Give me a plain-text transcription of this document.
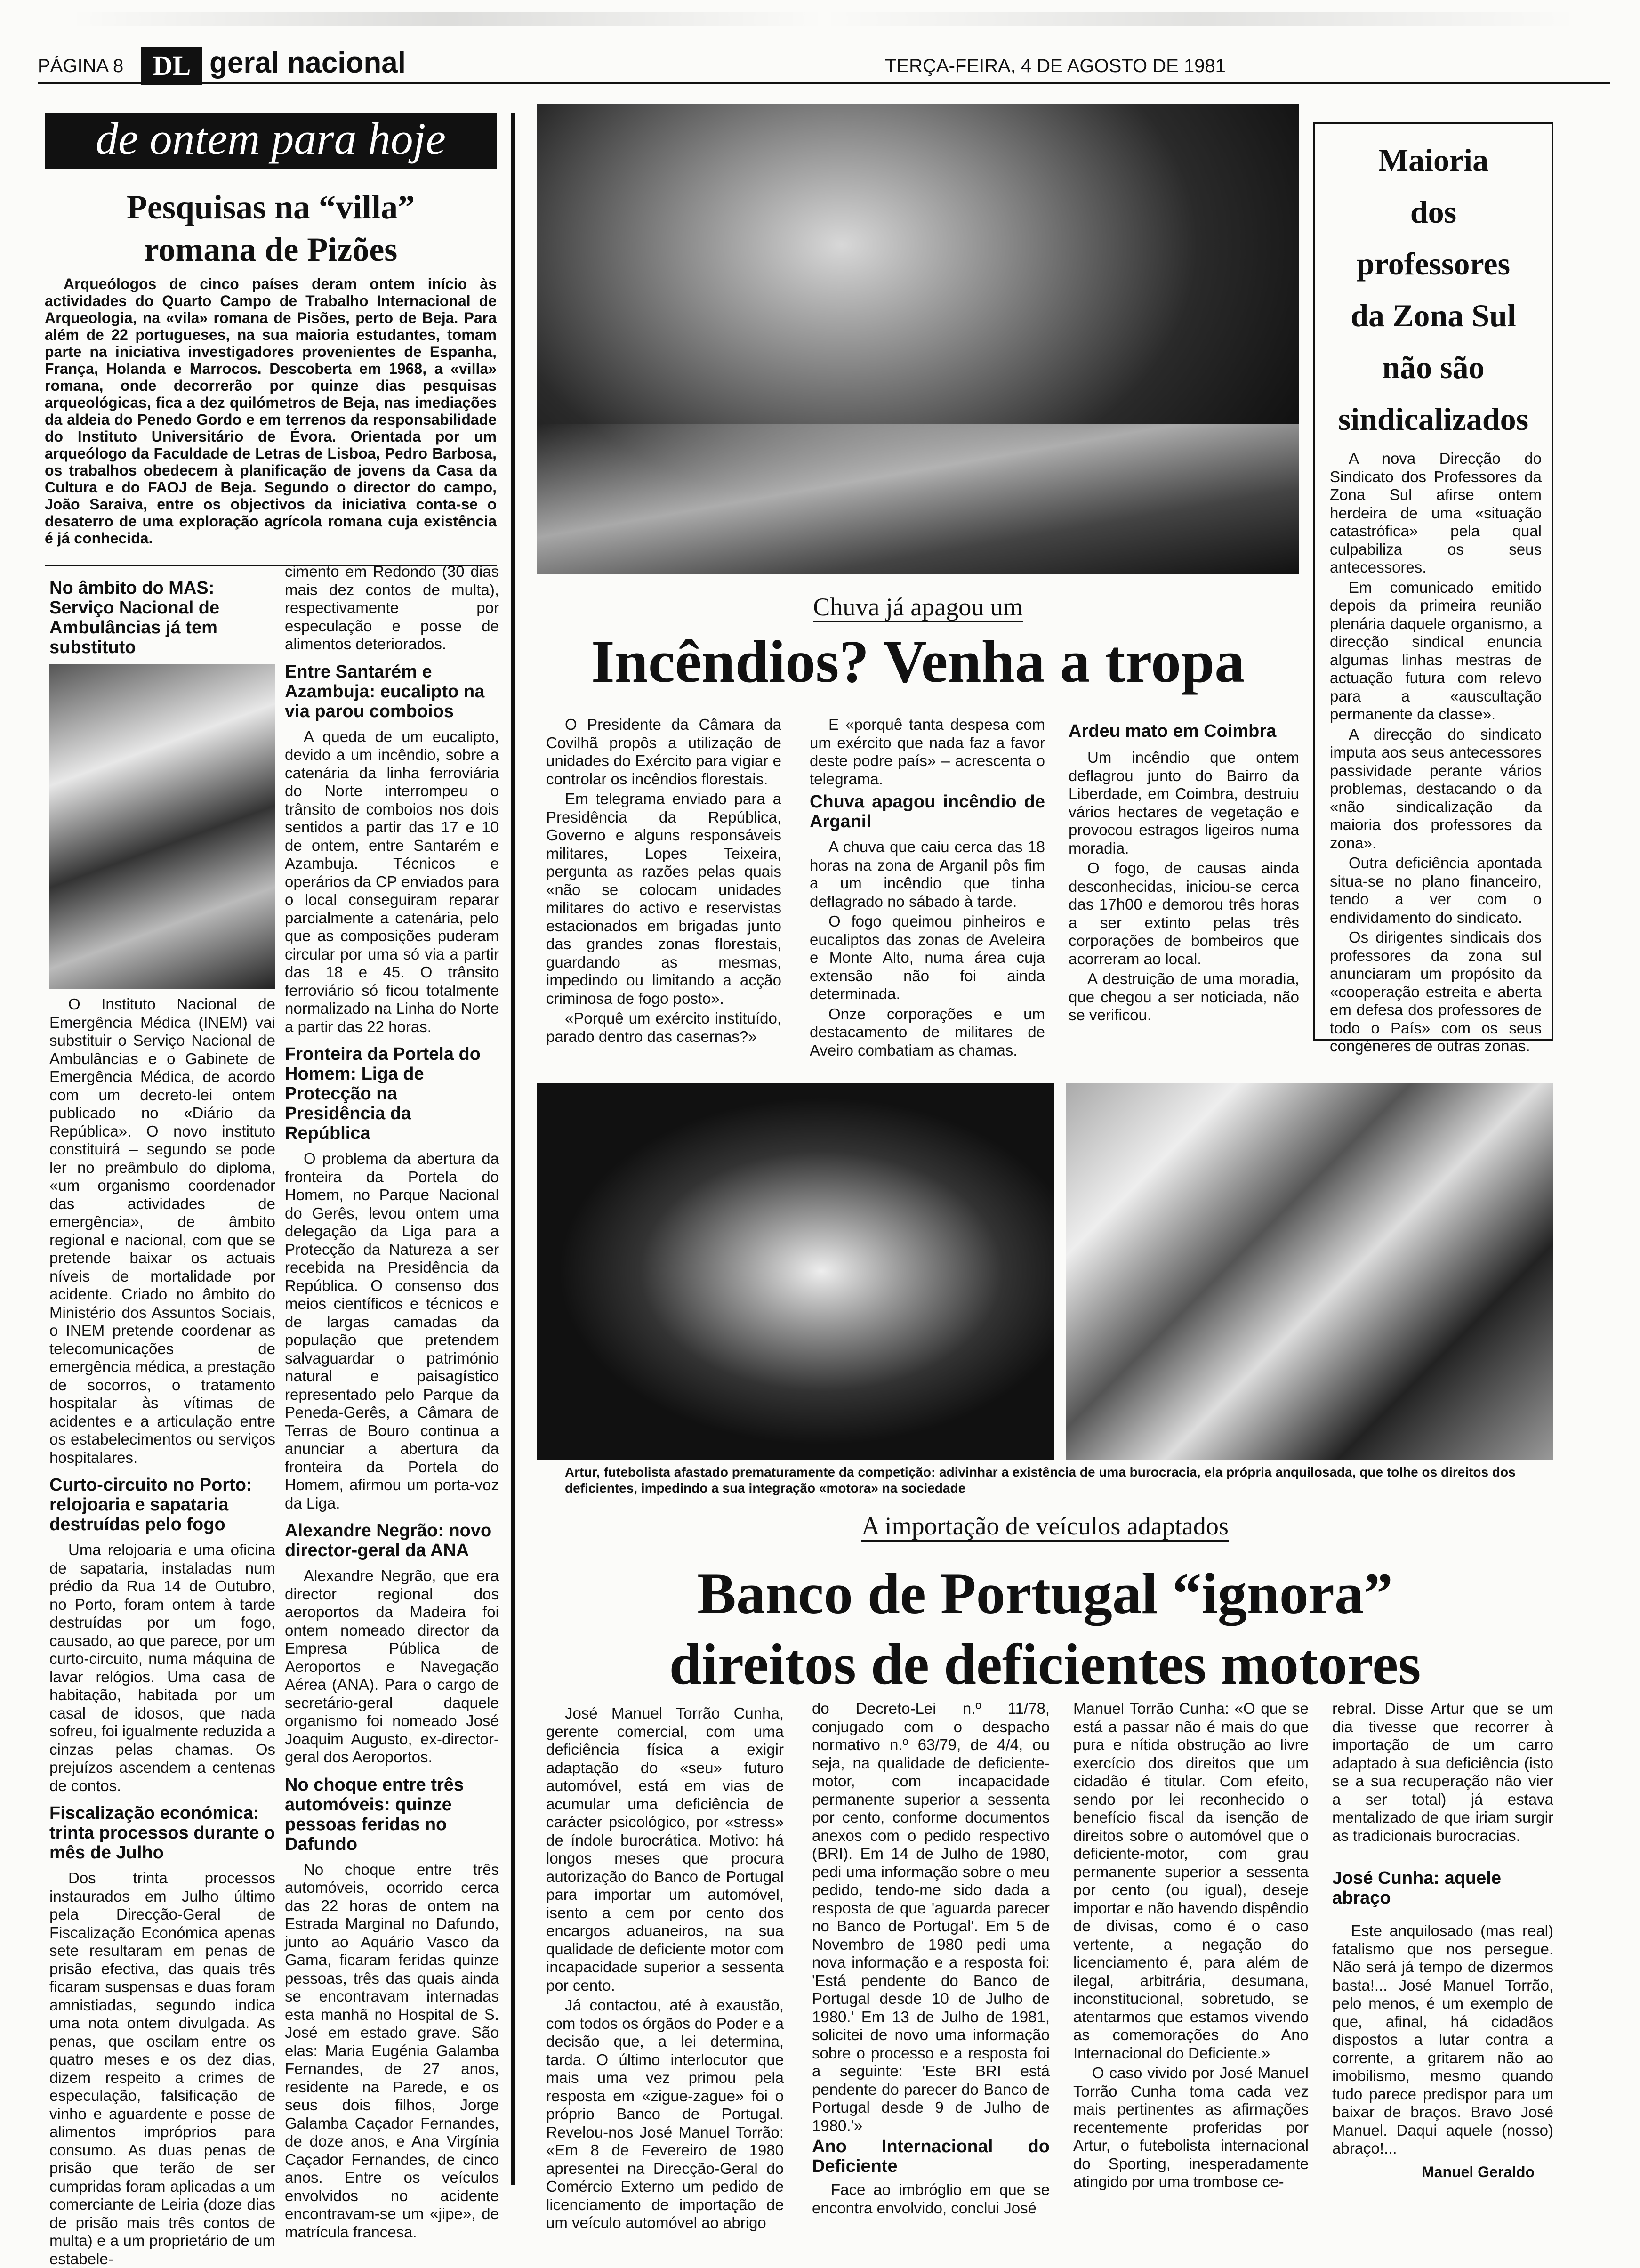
PÁGINA 8	DL geral nacional	TERÇA-FEIRA, 4 DE AGOSTO DE 1981
de ontem para hoje
Pesquisas na “villa”
romana de Pizões

Arqueólogos de cinco países deram ontem início às actividades do Quarto Campo de Trabalho Internacional de Arqueologia, na «vila» romana de Pisões, perto de Beja. Para além de 22 portugueses, na sua maioria estudantes, tomam parte na iniciativa investigadores provenientes de Espanha, França, Holanda e Marrocos. Descoberta em 1968, a «villa» romana, onde decorrerão por quinze dias pesquisas arqueológicas, fica a dez quilómetros de Beja, nas imediações da aldeia do Penedo Gordo e em terrenos da responsabilidade do Instituto Universitário de Évora. Orientada por um arqueólogo da Faculdade de Letras de Lisboa, Pedro Barbosa, os trabalhos obedecem à planificação de jovens da Casa da Cultura e do FAOJ de Beja. Segundo o director do campo, João Saraiva, entre os objectivos da iniciativa conta-se o desaterro de uma exploração agrícola romana cuja existência é já conhecida.

No âmbito do MAS: Serviço Nacional de Ambulâncias já tem substituto

O Instituto Nacional de Emergência Médica (INEM) vai substituir o Serviço Nacional de Ambulâncias e o Gabinete de Emergência Médica, de acordo com um decreto-lei ontem publicado no «Diário da República». O novo instituto constituirá – segundo se pode ler no preâmbulo do diploma, «um organismo coordenador das actividades de emergência», de âmbito regional e nacional, com que se pretende baixar os actuais níveis de mortalidade por acidente. Criado no âmbito do Ministério dos Assuntos Sociais, o INEM pretende coordenar as telecomunicações de emergência médica, a prestação de socorros, o tratamento hospitalar às vítimas de acidentes e a articulação entre os estabelecimentos ou serviços hospitalares.

Curto-circuito no Porto: relojoaria e sapataria destruídas pelo fogo

Uma relojoaria e uma oficina de sapataria, instaladas num prédio da Rua 14 de Outubro, no Porto, foram ontem à tarde destruídas por um fogo, causado, ao que parece, por um curto-circuito, numa máquina de lavar relógios. Uma casa de habitação, habitada por um casal de idosos, que nada sofreu, foi igualmente reduzida a cinzas pelas chamas. Os prejuízos ascendem a centenas de contos.

Fiscalização económica: trinta processos durante o mês de Julho

Dos trinta processos instaurados em Julho último pela Direcção-Geral de Fiscalização Económica apenas sete resultaram em penas de prisão efectiva, das quais três ficaram suspensas e duas foram amnistiadas, segundo indica uma nota ontem divulgada. As penas, que oscilam entre os quatro meses e os dez dias, dizem respeito a crimes de especulação, falsificação de vinho e aguardente e posse de alimentos impróprios para consumo. As duas penas de prisão que terão de ser cumpridas foram aplicadas a um comerciante de Leiria (doze dias de prisão mais três contos de multa) e a um proprietário de um estabele-

cimento em Redondo (30 dias mais dez contos de multa), respectivamente por especulação e posse de alimentos deteriorados.

Entre Santarém e Azambuja: eucalipto na via parou comboios

A queda de um eucalipto, devido a um incêndio, sobre a catenária da linha ferroviária do Norte interrompeu o trânsito de comboios nos dois sentidos a partir das 17 e 10 de ontem, entre Santarém e Azambuja. Técnicos e operários da CP enviados para o local conseguiram reparar parcialmente a catenária, pelo que as composições puderam circular por uma só via a partir das 18 e 45. O trânsito ferroviário só ficou totalmente normalizado na Linha do Norte a partir das 22 horas.

Fronteira da Portela do Homem: Liga de Protecção na Presidência da República

O problema da abertura da fronteira da Portela do Homem, no Parque Nacional do Gerês, levou ontem uma delegação da Liga para a Protecção da Natureza a ser recebida na Presidência da República. O consenso dos meios científicos e técnicos e de largas camadas da população que pretendem salvaguardar o património natural e paisagístico representado pelo Parque da Peneda-Gerês, a Câmara de Terras de Bouro continua a anunciar a abertura da fronteira da Portela do Homem, afirmou um porta-voz da Liga.

Alexandre Negrão: novo director-geral da ANA

Alexandre Negrão, que era director regional dos aeroportos da Madeira foi ontem nomeado director da Empresa Pública de Aeroportos e Navegação Aérea (ANA). Para o cargo de secretário-geral daquele organismo foi nomeado José Joaquim Augusto, ex-director-geral dos Aeroportos.

No choque entre três automóveis: quinze pessoas feridas no Dafundo

No choque entre três automóveis, ocorrido cerca das 22 horas de ontem na Estrada Marginal no Dafundo, junto ao Aquário Vasco da Gama, ficaram feridas quinze pessoas, três das quais ainda se encontravam internadas esta manhã no Hospital de S. José em estado grave. São elas: Maria Eugénia Galamba Fernandes, de 27 anos, residente na Parede, e os seus dois filhos, Jorge Galamba Caçador Fernandes, de doze anos, e Ana Virgínia Caçador Fernandes, de cinco anos. Entre os veículos envolvidos no acidente encontravam-se um «jipe», de matrícula francesa.

Chuva já apagou um
Incêndios? Venha a tropa

O Presidente da Câmara da Covilhã propôs a utilização de unidades do Exército para vigiar e controlar os incêndios florestais.

Em telegrama enviado para a Presidência da República, Governo e alguns responsáveis militares, Lopes Teixeira, pergunta as razões pelas quais «não se colocam unidades militares do activo e reservistas estacionados em brigadas junto das grandes zonas florestais, guardando as mesmas, impedindo ou limitando a acção criminosa de fogo posto».

«Porquê um exército instituído, parado dentro das casernas?»

E «porquê tanta despesa com um exército que nada faz a favor deste podre país» – acrescenta o telegrama.

Chuva apagou incêndio de Arganil

A chuva que caiu cerca das 18 horas na zona de Arganil pôs fim a um incêndio que tinha deflagrado no sábado à tarde.

O fogo queimou pinheiros e eucaliptos das zonas de Aveleira e Monte Alto, numa área cuja extensão não foi ainda determinada.

Onze corporações e um destacamento de militares de Aveiro combatiam as chamas.

Ardeu mato em Coimbra

Um incêndio que ontem deflagrou junto do Bairro da Liberdade, em Coimbra, destruiu vários hectares de vegetação e provocou estragos ligeiros numa moradia.

O fogo, de causas ainda desconhecidas, iniciou-se cerca das 17h00 e demorou três horas a ser extinto pelas três corporações de bombeiros que acorreram ao local.

A destruição de uma moradia, que chegou a ser noticiada, não se verificou.

Maioria
dos
professores
da Zona Sul
não são
sindicalizados

A nova Direcção do Sindicato dos Professores da Zona Sul afirse ontem herdeira de uma «situação catastrófica» pela qual culpabiliza os seus antecessores.

Em comunicado emitido depois da primeira reunião plenária daquele organismo, a direcção sindical enuncia algumas linhas mestras de actuação futura com relevo para a «auscultação permanente da classe».

A direcção do sindicato imputa aos seus antecessores passividade perante vários problemas, destacando o da «não sindicalização da maioria dos professores da zona».

Outra deficiência apontada situa-se no plano financeiro, tendo a ver com o endividamento do sindicato.

Os dirigentes sindicais dos professores da zona sul anunciaram um propósito da «cooperação estreita e aberta em defesa dos professores de todo o País» com os seus congéneres de outras zonas.

Artur, futebolista afastado prematuramente da competição: adivinhar a existência de uma burocracia, ela própria anquilosada, que tolhe os direitos dos deficientes, impedindo a sua integração «motora» na sociedade
A importação de veículos adaptados
Banco de Portugal “ignora”
direitos de deficientes motores

José Manuel Torrão Cunha, gerente comercial, com uma deficiência física a exigir adaptação do «seu» futuro automóvel, está em vias de acumular uma deficiência de carácter psicológico, por «stress» de índole burocrática. Motivo: há longos meses que procura autorização do Banco de Portugal para importar um automóvel, isento a cem por cento dos encargos aduaneiros, na sua qualidade de deficiente motor com incapacidade superior a sessenta por cento.

Já contactou, até à exaustão, com todos os órgãos do Poder e a decisão que, a lei determina, tarda. O último interlocutor que mais uma vez primou pela resposta em «zigue-zague» foi o próprio Banco de Portugal. Revelou-nos José Manuel Torrão: «Em 8 de Fevereiro de 1980 apresentei na Direcção-Geral do Comércio Externo um pedido de licenciamento de importação de um veículo automóvel ao abrigo

do Decreto-Lei n.º 11/78, conjugado com o despacho normativo n.º 63/79, de 4/4, ou seja, na qualidade de deficiente-motor, com incapacidade permanente superior a sessenta por cento, conforme documentos anexos com o pedido respectivo (BRI). Em 14 de Julho de 1980, pedi uma informação sobre o meu pedido, tendo-me sido dada a resposta de que 'aguarda parecer no Banco de Portugal'. Em 5 de Novembro de 1980 pedi uma nova informação e a resposta foi: 'Está pendente do Banco de Portugal desde 10 de Julho de 1980.' Em 13 de Julho de 1981, solicitei de novo uma informação sobre o processo e a resposta foi a seguinte: 'Este BRI está pendente do parecer do Banco de Portugal desde 9 de Julho de 1980.'»

Ano Internacional do Deficiente

Face ao imbróglio em que se encontra envolvido, conclui José

Manuel Torrão Cunha: «O que se está a passar não é mais do que pura e nítida obstrução ao livre exercício dos direitos que um cidadão é titular. Com efeito, sendo por lei reconhecido o benefício fiscal da isenção de direitos sobre o automóvel que o deficiente-motor, com grau permanente superior a sessenta por cento (ou igual), deseje importar e não havendo dispêndio de divisas, como é o caso vertente, a negação do licenciamento é, para além de ilegal, arbitrária, desumana, inconstitucional, sobretudo, se atentarmos que estamos vivendo as comemorações do Ano Internacional do Deficiente.»

O caso vivido por José Manuel Torrão Cunha toma cada vez mais pertinentes as afirmações recentemente proferidas por Artur, o futebolista internacional do Sporting, inesperadamente atingido por uma trombose ce-

rebral. Disse Artur que se um dia tivesse que recorrer à importação de um carro adaptado à sua deficiência (isto se a sua recuperação não vier a ser total) já estava mentalizado de que iriam surgir as tradicionais burocracias.

José Cunha: aquele abraço

Este anquilosado (mas real) fatalismo que nos persegue. Não será já tempo de dizermos basta!... José Manuel Torrão, pelo menos, é um exemplo de que, afinal, há cidadãos dispostos a lutar contra a corrente, a gritarem não ao imobilismo, mesmo quando tudo parece predispor para um baixar de braços. Bravo José Manuel. Daqui aquele (nosso) abraço!...

Manuel Geraldo
